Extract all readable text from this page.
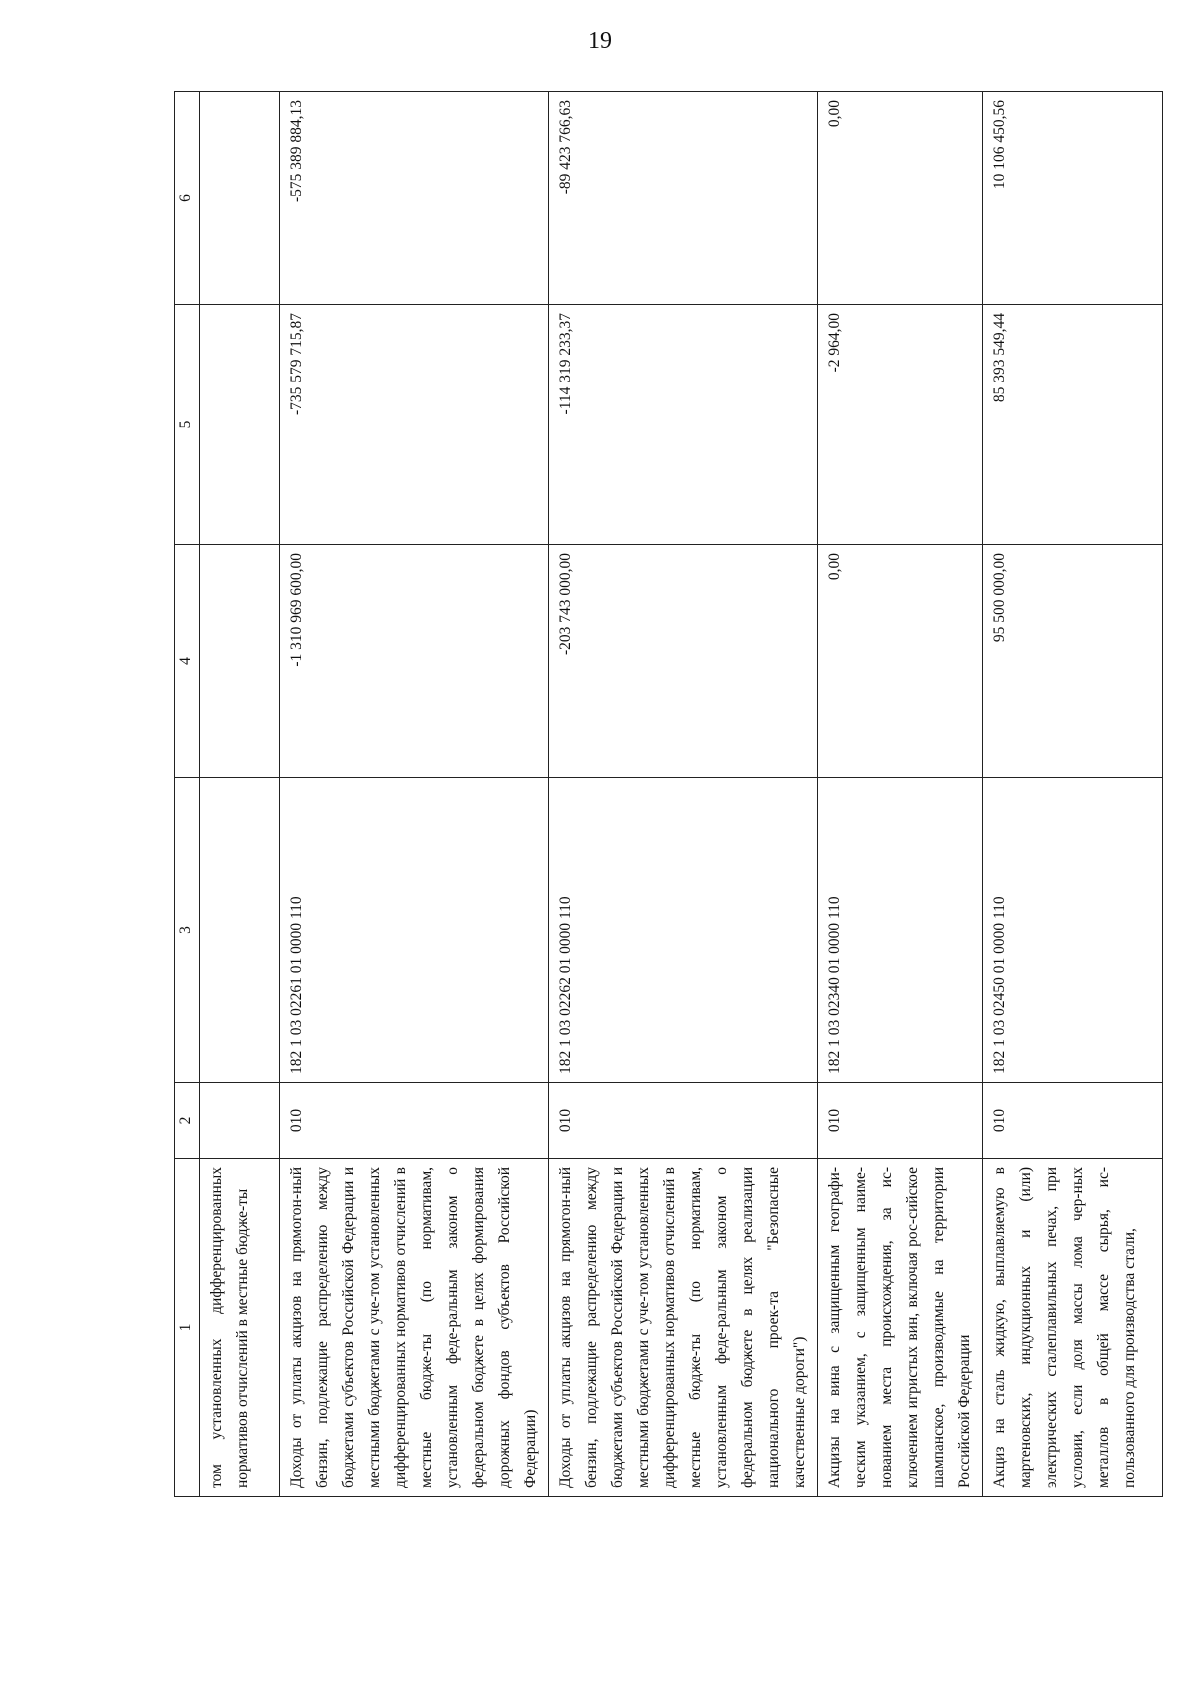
19
1	2	3	4	5	6
том установленных дифференцированных нормативов отчислений в местные бюдже-ты					
Доходы от уплаты акцизов на прямогон-ный бензин, подлежащие распределению между бюджетами субъектов Российской Федерации и местными бюджетами с уче-том установленных дифференцированных нормативов отчислений в местные бюдже-ты (по нормативам, установленным феде-ральным законом о федеральном бюджете в целях формирования дорожных фондов субъектов Российской Федерации)	010	182 1 03 02261 01 0000 110	-1 310 969 600,00	-735 579 715,87	-575 389 884,13
Доходы от уплаты акцизов на прямогон-ный бензин, подлежащие распределению между бюджетами субъектов Российской Федерации и местными бюджетами с уче-том установленных дифференцированных нормативов отчислений в местные бюдже-ты (по нормативам, установленным феде-ральным законом о федеральном бюджете в целях реализации национального проек-та "Безопасные качественные дороги")	010	182 1 03 02262 01 0000 110	-203 743 000,00	-114 319 233,37	-89 423 766,63
Акцизы на вина с защищенным географи-ческим указанием, с защищенным наиме-нованием места происхождения, за ис-ключением игристых вин, включая рос-сийское шампанское, производимые на территории Российской Федерации	010	182 1 03 02340 01 0000 110	0,00	-2 964,00	0,00
Акциз на сталь жидкую, выплавляемую в мартеновских, индукционных и (или) электрических сталеплавильных печах, при условии, если доля массы лома чер-ных металлов в общей массе сырья, ис-пользованного для производства стали,	010	182 1 03 02450 01 0000 110	95 500 000,00	85 393 549,44	10 106 450,56
